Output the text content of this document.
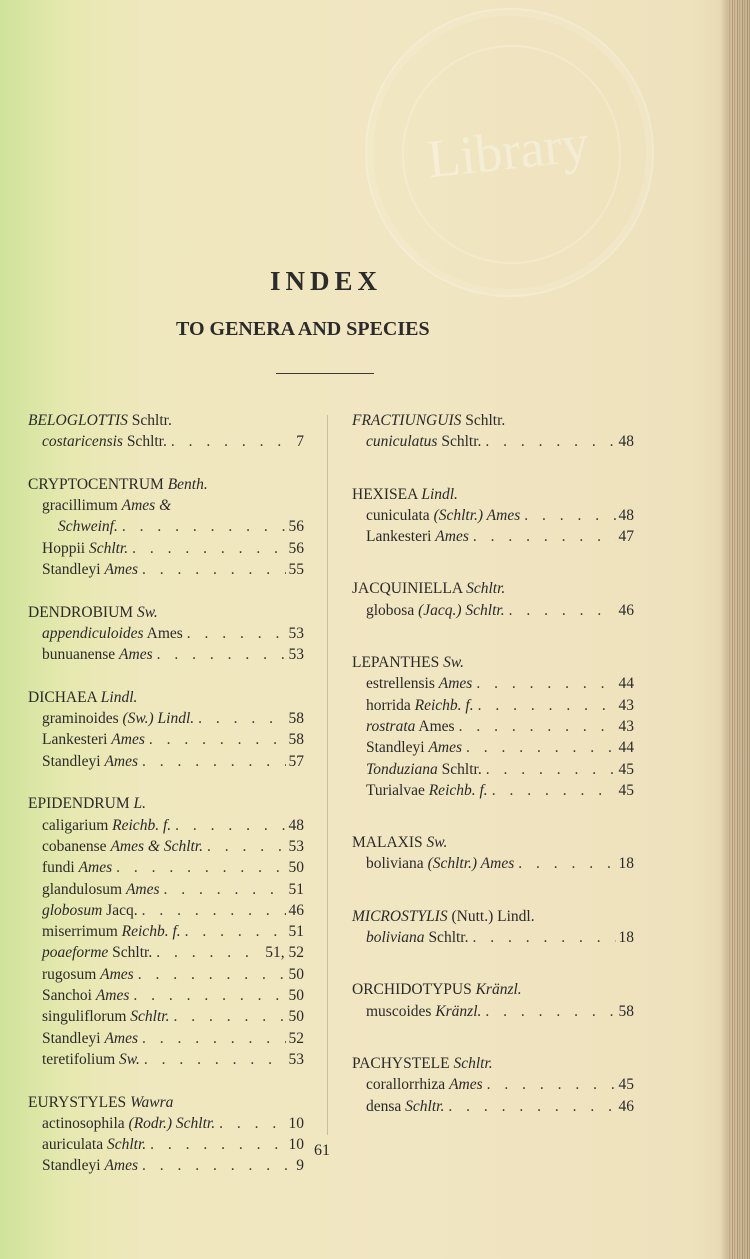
Library
INDEX
TO GENERA AND SPECIES
BELOGLOTTIS Schltr.
costaricensis Schltr. . . .	7
CRYPTOCENTRUM Benth.
gracillimum Ames &
Schweinf. . . .	56
Hoppii Schltr. . . .	56
Standleyi Ames . . .	55
DENDROBIUM Sw.
appendiculoides Ames . . .	53
bunuanense Ames . . .	53
DICHAEA Lindl.
graminoides (Sw.) Lindl. . . .	58
Lankesteri Ames . . .	58
Standleyi Ames . . .	57
EPIDENDRUM L.
caligarium Reichb. f. . . .	48
cobanense Ames & Schltr. . . .	53
fundi Ames . . .	50
glandulosum Ames . . .	51
globosum Jacq. . . .	46
miserrimum Reichb. f. . . .	51
poaeforme Schltr. . . .	51, 52
rugosum Ames . . .	50
Sanchoi Ames . . .	50
singuliflorum Schltr. . . .	50
Standleyi Ames . . .	52
teretifolium Sw. . . .	53
EURYSTYLES Wawra
actinosophila (Rodr.) Schltr. . . .	10
auriculata Schltr. . . .	10
Standleyi Ames . . .	9
FRACTIUNGUIS Schltr.
cuniculatus Schltr. . . .	48
HEXISEA Lindl.
cuniculata (Schltr.) Ames . . .	48
Lankesteri Ames . . .	47
JACQUINIELLA Schltr.
globosa (Jacq.) Schltr. . . .	46
LEPANTHES Sw.
estrellensis Ames . . .	44
horrida Reichb. f. . . .	43
rostrata Ames . . .	43
Standleyi Ames . . .	44
Tonduziana Schltr. . . .	45
Turialvae Reichb. f. . . .	45
MALAXIS Sw.
boliviana (Schltr.) Ames . . .	18
MICROSTYLIS (Nutt.) Lindl.
boliviana Schltr. . . .	18
ORCHIDOTYPUS Kränzl.
muscoides Kränzl. . . .	58
PACHYSTELE Schltr.
corallorrhiza Ames . . .	45
densa Schltr. . . .	46
61
